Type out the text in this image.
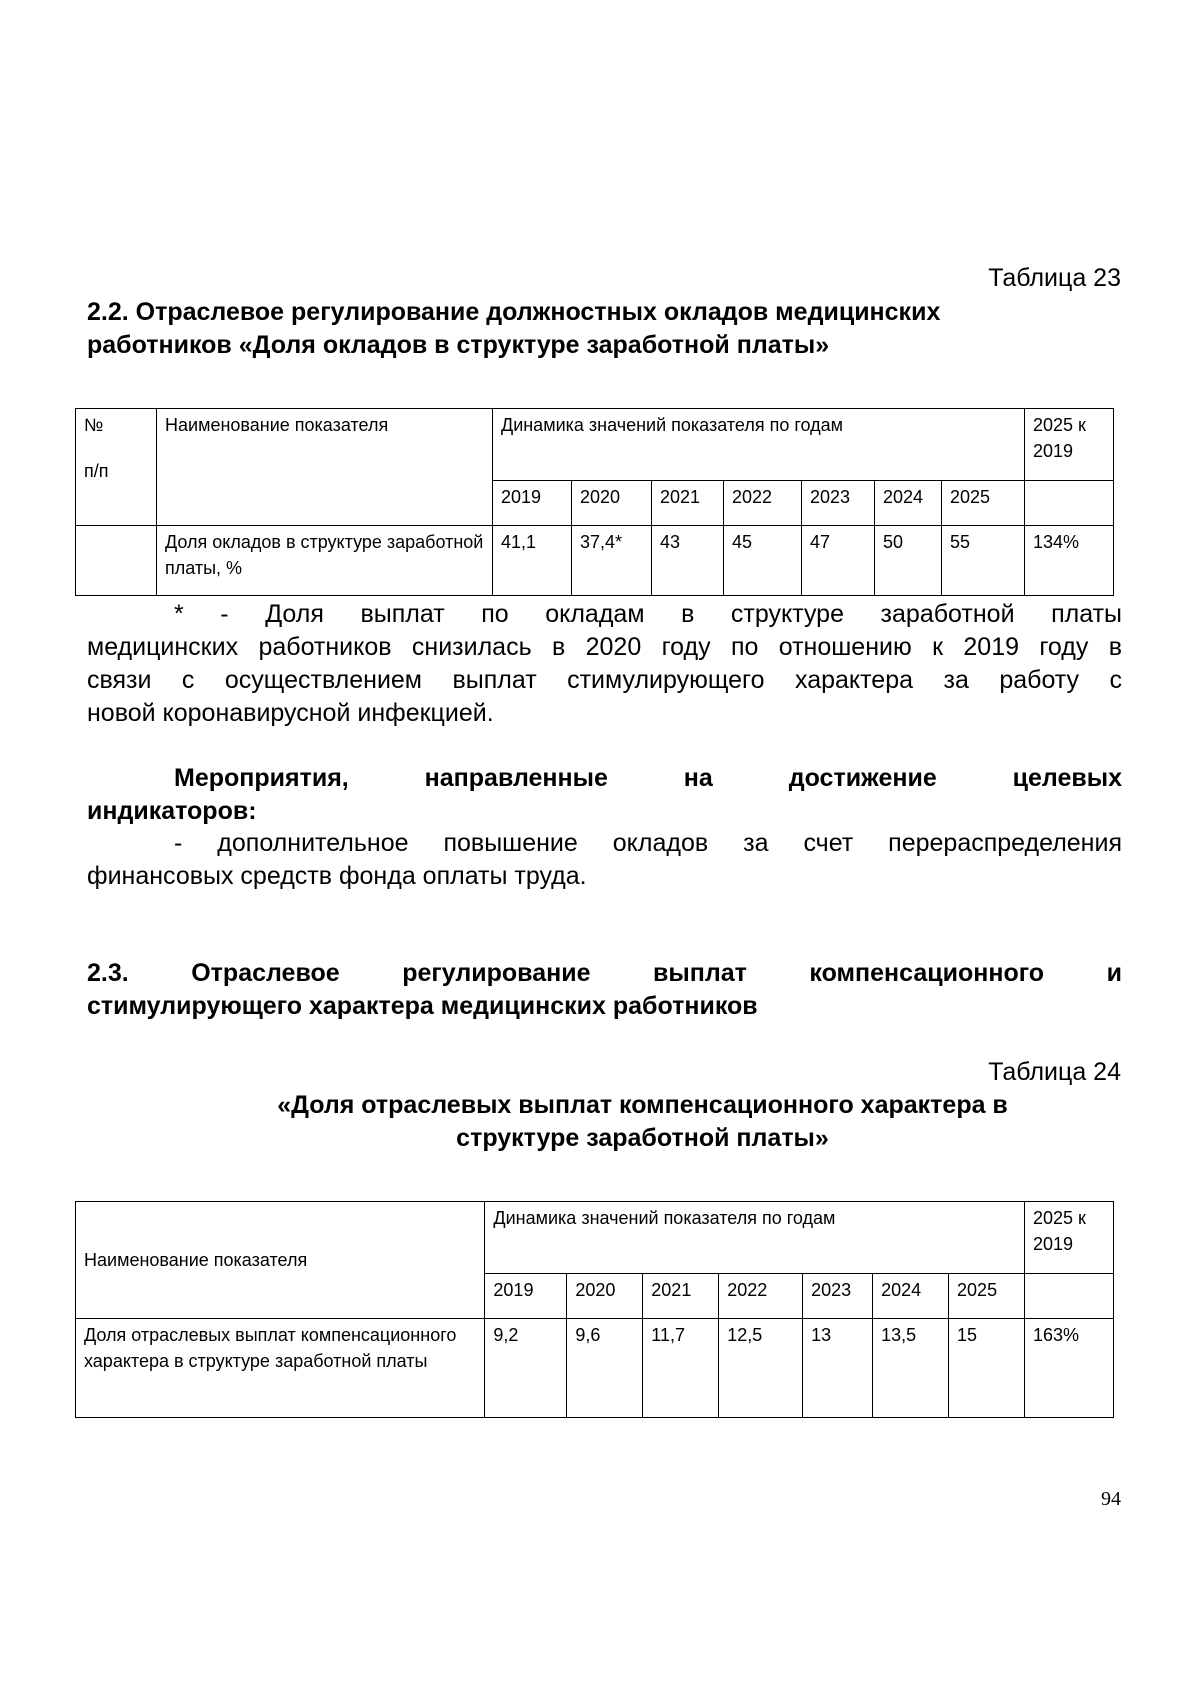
Таблица 23
2.2. Отраслевое регулирование должностных окладов медицинских
работников «Доля окладов в структуре заработной платы»
№
п/п	Наименование показателя	Динамика значений показателя по годам							2025 к 2019
		2019	2020	2021	2022	2023	2024	2025	
	Доля окладов в структуре заработной платы, %	41,1	37,4*	43	45	47	50	55	134%
* - Доля выплат по окладам в структуре заработной платы
медицинских работников снизилась в 2020 году по отношению к 2019 году в
связи с осуществлением выплат стимулирующего характера за работу с
новой коронавирусной инфекцией.
Мероприятия, направленные на достижение целевых
индикаторов:
- дополнительное повышение окладов за счет перераспределения
финансовых средств фонда оплаты труда.
2.3. Отраслевое регулирование выплат компенсационного и
стимулирующего характера медицинских работников
Таблица 24
«Доля отраслевых выплат компенсационного характера в
структуре заработной платы»
Наименование показателя	Динамика значений показателя по годам							2025 к 2019
	2019	2020	2021	2022	2023	2024	2025	
Доля отраслевых выплат компенсационного характера в структуре заработной платы	9,2	9,6	11,7	12,5	13	13,5	15	163%
94
